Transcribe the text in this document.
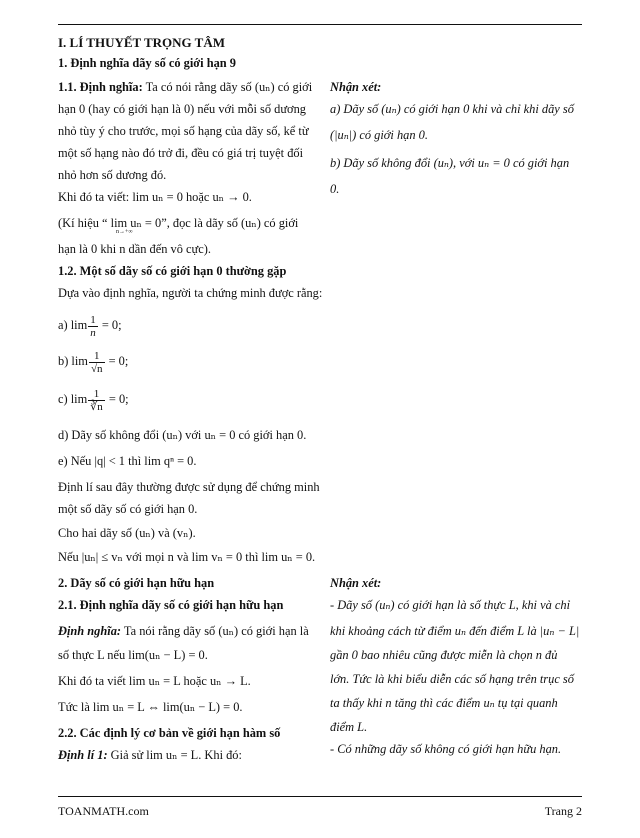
I. LÍ THUYẾT TRỌNG TÂM
1. Định nghĩa dãy số có giới hạn 9
1.1. Định nghĩa: Ta có nói rằng dãy số (uₙ) có giới
hạn 0 (hay có giới hạn là 0) nếu với mỗi số dương
nhỏ tùy ý cho trước, mọi số hạng của dãy số, kể từ
một số hạng nào đó trở đi, đều có giá trị tuyệt đối
nhỏ hơn số dương đó.
Khi đó ta viết: lim uₙ = 0 hoặc uₙ → 0.
(Kí hiệu “ lim uₙ = 0”, đọc là dãy số (uₙ) có giới
n→+∞
hạn là 0 khi n dần đến vô cực).
1.2. Một số dãy số có giới hạn 0 thường gặp
Dựa vào định nghĩa, người ta chứng minh được rằng:
a) $\lim \frac{1}{n} = 0$;
b) $\lim \frac{1}{√n} = 0$;
c) $\lim \frac{1}{∛n} = 0$;
d) Dãy số không đổi (uₙ) với uₙ = 0 có giới hạn 0.
e) Nếu |q| < 1 thì lim qⁿ = 0.
Định lí sau đây thường được sử dụng để chứng minh
một số dãy số có giới hạn 0.
Cho hai dãy số (uₙ) và (vₙ).
Nếu |uₙ| ≤ vₙ với mọi n và lim vₙ = 0 thì lim uₙ = 0.
2. Dãy số có giới hạn hữu hạn
2.1. Định nghĩa dãy số có giới hạn hữu hạn
Định nghĩa: Ta nói rằng dãy số (uₙ) có giới hạn là
số thực L nếu lim(uₙ − L) = 0.
Khi đó ta viết lim uₙ = L hoặc uₙ → L.
Tức là lim uₙ = L ⇔ lim(uₙ − L) = 0.
2.2. Các định lý cơ bản về giới hạn hàm số
Định lí 1: Giả sử lim uₙ = L. Khi đó:
Nhận xét:
a) Dãy số (uₙ) có giới hạn 0 khi và chỉ khi dãy số
(|uₙ|) có giới hạn 0.
b) Dãy số không đổi (uₙ), với uₙ = 0 có giới hạn
0.
Nhận xét:
- Dãy số (uₙ) có giới hạn là số thực L, khi và chỉ
khi khoảng cách từ điểm uₙ đến điểm L là |uₙ − L|
gần 0 bao nhiêu cũng được miễn là chọn n đủ
lớn. Tức là khi biểu diễn các số hạng trên trục số
ta thấy khi n tăng thì các điểm uₙ tụ tại quanh
điểm L.
- Có những dãy số không có giới hạn hữu hạn.
TOANMATH.com	Trang 2
